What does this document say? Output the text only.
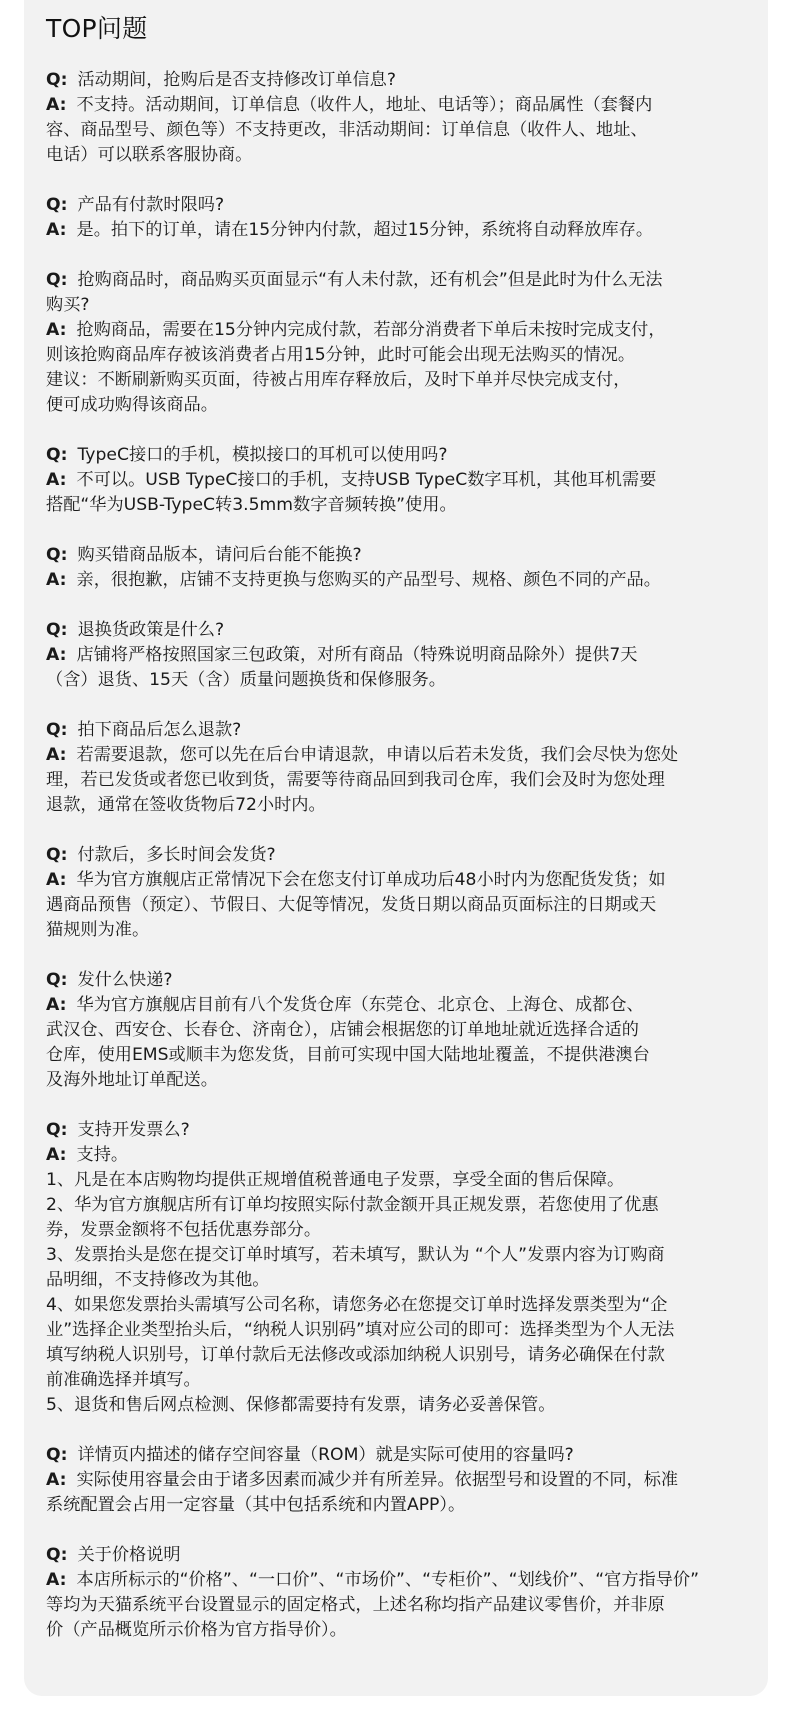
TOP问题

Q: 活动期间，抢购后是否支持修改订单信息?

A: 不支持。活动期间，订单信息（收件人，地址、电话等）；商品属性（套餐内

容、商品型号、颜色等）不支持更改，非活动期间：订单信息（收件人、地址、

电话）可以联系客服协商。

Q: 产品有付款时限吗?

A: 是。拍下的订单，请在15分钟内付款，超过15分钟，系统将自动释放库存。

Q: 抢购商品时，商品购买页面显示“有人未付款，还有机会”但是此时为什么无法

购买?

A: 抢购商品，需要在15分钟内完成付款，若部分消费者下单后未按时完成支付，

则该抢购商品库存被该消费者占用15分钟，此时可能会出现无法购买的情况。

建议：不断刷新购买页面，待被占用库存释放后，及时下单并尽快完成支付，

便可成功购得该商品。

Q: TypeC接口的手机，模拟接口的耳机可以使用吗?

A: 不可以。USB TypeC接口的手机，支持USB TypeC数字耳机，其他耳机需要

搭配“华为USB-TypeC转3.5mm数字音频转换”使用。

Q: 购买错商品版本，请问后台能不能换?

A: 亲，很抱歉，店铺不支持更换与您购买的产品型号、规格、颜色不同的产品。

Q: 退换货政策是什么?

A: 店铺将严格按照国家三包政策，对所有商品（特殊说明商品除外）提供7天

（含）退货、15天（含）质量问题换货和保修服务。

Q: 拍下商品后怎么退款?

A: 若需要退款，您可以先在后台申请退款，申请以后若未发货，我们会尽快为您处

理，若已发货或者您已收到货，需要等待商品回到我司仓库，我们会及时为您处理

退款，通常在签收货物后72小时内。

Q: 付款后，多长时间会发货?

A: 华为官方旗舰店正常情况下会在您支付订单成功后48小时内为您配货发货；如

遇商品预售（预定）、节假日、大促等情况，发货日期以商品页面标注的日期或天

猫规则为准。

Q: 发什么快递?

A: 华为官方旗舰店目前有八个发货仓库（东莞仓、北京仓、上海仓、成都仓、

武汉仓、西安仓、长春仓、济南仓），店铺会根据您的订单地址就近选择合适的

仓库，使用EMS或顺丰为您发货，目前可实现中国大陆地址覆盖，不提供港澳台

及海外地址订单配送。

Q: 支持开发票么?

A: 支持。

1、凡是在本店购物均提供正规增值税普通电子发票，享受全面的售后保障。

2、华为官方旗舰店所有订单均按照实际付款金额开具正规发票，若您使用了优惠

券，发票金额将不包括优惠券部分。

3、发票抬头是您在提交订单时填写，若未填写，默认为 “个人”发票内容为订购商

品明细，不支持修改为其他。

4、如果您发票抬头需填写公司名称，请您务必在您提交订单时选择发票类型为“企

业”选择企业类型抬头后，“纳税人识别码”填对应公司的即可：选择类型为个人无法

填写纳税人识别号，订单付款后无法修改或添加纳税人识别号，请务必确保在付款

前准确选择并填写。

5、退货和售后网点检测、保修都需要持有发票，请务必妥善保管。

Q: 详情页内描述的储存空间容量（ROM）就是实际可使用的容量吗?

A: 实际使用容量会由于诸多因素而减少并有所差异。依据型号和设置的不同，标准

系统配置会占用一定容量（其中包括系统和内置APP）。

Q: 关于价格说明

A: 本店所标示的“价格”、“一口价”、“市场价”、“专柜价”、“划线价”、“官方指导价”

等均为天猫系统平台设置显示的固定格式，上述名称均指产品建议零售价，并非原

价（产品概览所示价格为官方指导价）。
